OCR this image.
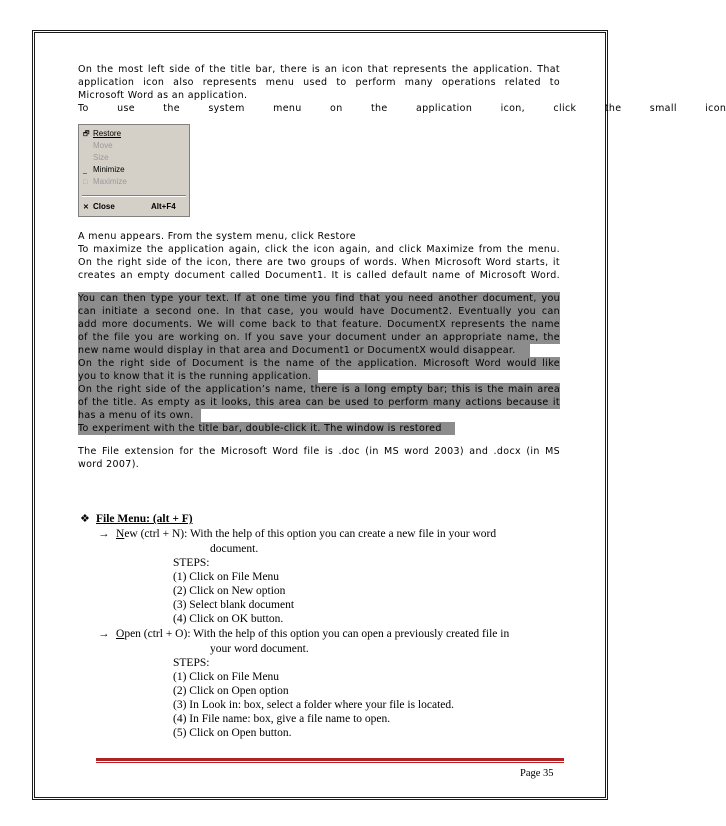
On the most left side of the title bar, there is an icon that represents the application. That
application icon also represents menu used to perform many operations related to
Microsoft Word as an application.
To use the system menu on the application icon, click the small icon
🗗 Restore
Move
Size
_ Minimize
□ Maximize
✕ Close	Alt+F4
A menu appears. From the system menu, click Restore
To maximize the application again, click the icon again, and click Maximize from the menu.
On the right side of the icon, there are two groups of words. When Microsoft Word starts, it
creates an empty document called Document1. It is called default name of Microsoft Word.
You can then type your text. If at one time you find that you need another document, you
can initiate a second one. In that case, you would have Document2. Eventually you can
add more documents. We will come back to that feature. DocumentX represents the name
of the file you are working on. If you save your document under an appropriate name, the
new name would display in that area and Document1 or DocumentX would disappear.
On the right side of Document is the name of the application. Microsoft Word would like
you to know that it is the running application.
On the right side of the application’s name, there is a long empty bar; this is the main area
of the title. As empty as it looks, this area can be used to perform many actions because it
has a menu of its own.
To experiment with the title bar, double-click it. The window is restored
The File extension for the Microsoft Word file is .doc (in MS word 2003) and .docx (in MS
word 2007).
❖ File Menu: (alt + F)
→ New (ctrl + N): With the help of this option you can create a new file in your word
document.
STEPS:
(1) Click on File Menu
(2) Click on New option
(3) Select blank document
(4) Click on OK button.
→ Open (ctrl + O): With the help of this option you can open a previously created file in
your word document.
STEPS:
(1) Click on File Menu
(2) Click on Open option
(3) In Look in: box, select a folder where your file is located.
(4) In File name: box, give a file name to open.
(5) Click on Open button.
Page 35
